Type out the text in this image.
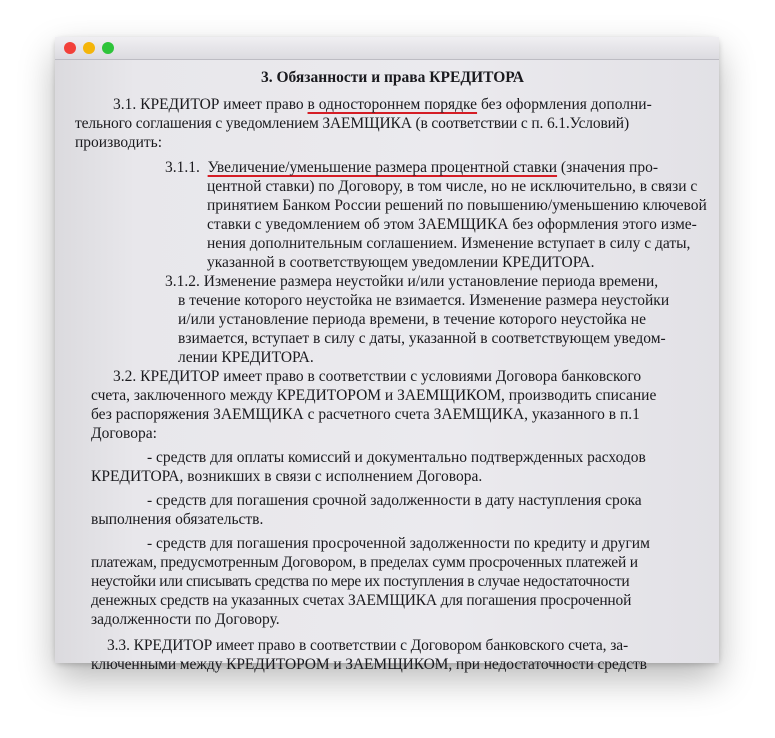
3. Обязанности и права КРЕДИТОРА
3.1. КРЕДИТОР имеет право в одностороннем порядке без оформления дополни-
тельного соглашения с уведомлением ЗАЕМЩИКА (в соответствии с п. 6.1.Условий)
производить:
3.1.1. Увеличение/уменьшение размера процентной ставки (значения про-
центной ставки) по Договору, в том числе, но не исключительно, в связи с
принятием Банком России решений по повышению/уменьшению ключевой
ставки с уведомлением об этом ЗАЕМЩИКА без оформления этого изме-
нения дополнительным соглашением. Изменение вступает в силу с даты,
указанной в соответствующем уведомлении КРЕДИТОРА.
3.1.2. Изменение размера неустойки и/или установление периода времени,
в течение которого неустойка не взимается. Изменение размера неустойки
и/или установление периода времени, в течение которого неустойка не
взимается, вступает в силу с даты, указанной в соответствующем уведом-
лении КРЕДИТОРА.
3.2. КРЕДИТОР имеет право в соответствии с условиями Договора банковского
счета, заключенного между КРЕДИТОРОМ и ЗАЕМЩИКОМ, производить списание
без распоряжения ЗАЕМЩИКА с расчетного счета ЗАЕМЩИКА, указанного в п.1
Договора:
- средств для оплаты комиссий и документально подтвержденных расходов
КРЕДИТОРА, возникших в связи с исполнением Договора.
- средств для погашения срочной задолженности в дату наступления срока
выполнения обязательств.
- средств для погашения просроченной задолженности по кредиту и другим
платежам, предусмотренным Договором, в пределах сумм просроченных платежей и
неустойки или списывать средства по мере их поступления в случае недостаточности
денежных средств на указанных счетах ЗАЕМЩИКА для погашения просроченной
задолженности по Договору.
3.3. КРЕДИТОР имеет право в соответствии с Договором банковского счета, за-
ключенными между КРЕДИТОРОМ и ЗАЕМЩИКОМ, при недостаточности средств
